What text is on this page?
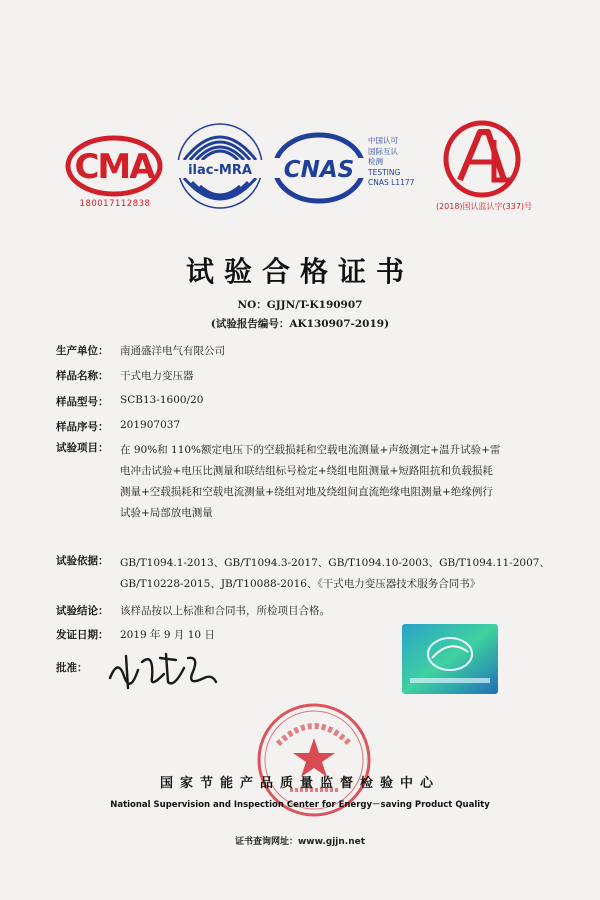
CMA
180017112838
ilac-MRA CNAS
中国认可
国际互认
检测
TESTING
CNAS L1177
(2018)国认监认字(337)号
试验合格证书
NO：GJJN/T-K190907
(试验报告编号：AK130907-2019)
生产单位： 南通盛洋电气有限公司
样品名称： 干式电力变压器
样品型号： SCB13-1600/20
样品序号： 201907037
试验项目： 在 90%和 110%额定电压下的空载损耗和空载电流测量+声级测定+温升试验+雷
电冲击试验+电压比测量和联结组标号检定+绕组电阻测量+短路阻抗和负载损耗
测量+空载损耗和空载电流测量+绕组对地及绕组间直流绝缘电阻测量+绝缘例行
试验+局部放电测量
试验依据： GB/T1094.1-2013、GB/T1094.3-2017、GB/T1094.10-2003、GB/T1094.11-2007、
GB/T10228-2015、JB/T10088-2016、《干式电力变压器技术服务合同书》
试验结论： 该样品按以上标准和合同书，所检项目合格。
发证日期： 2019 年 9 月 10 日
批准：
国家节能产品质量监督检验中心
National Supervision and Inspection Center for Energy－saving Product Quality
证书查询网址：www.gjjn.net
